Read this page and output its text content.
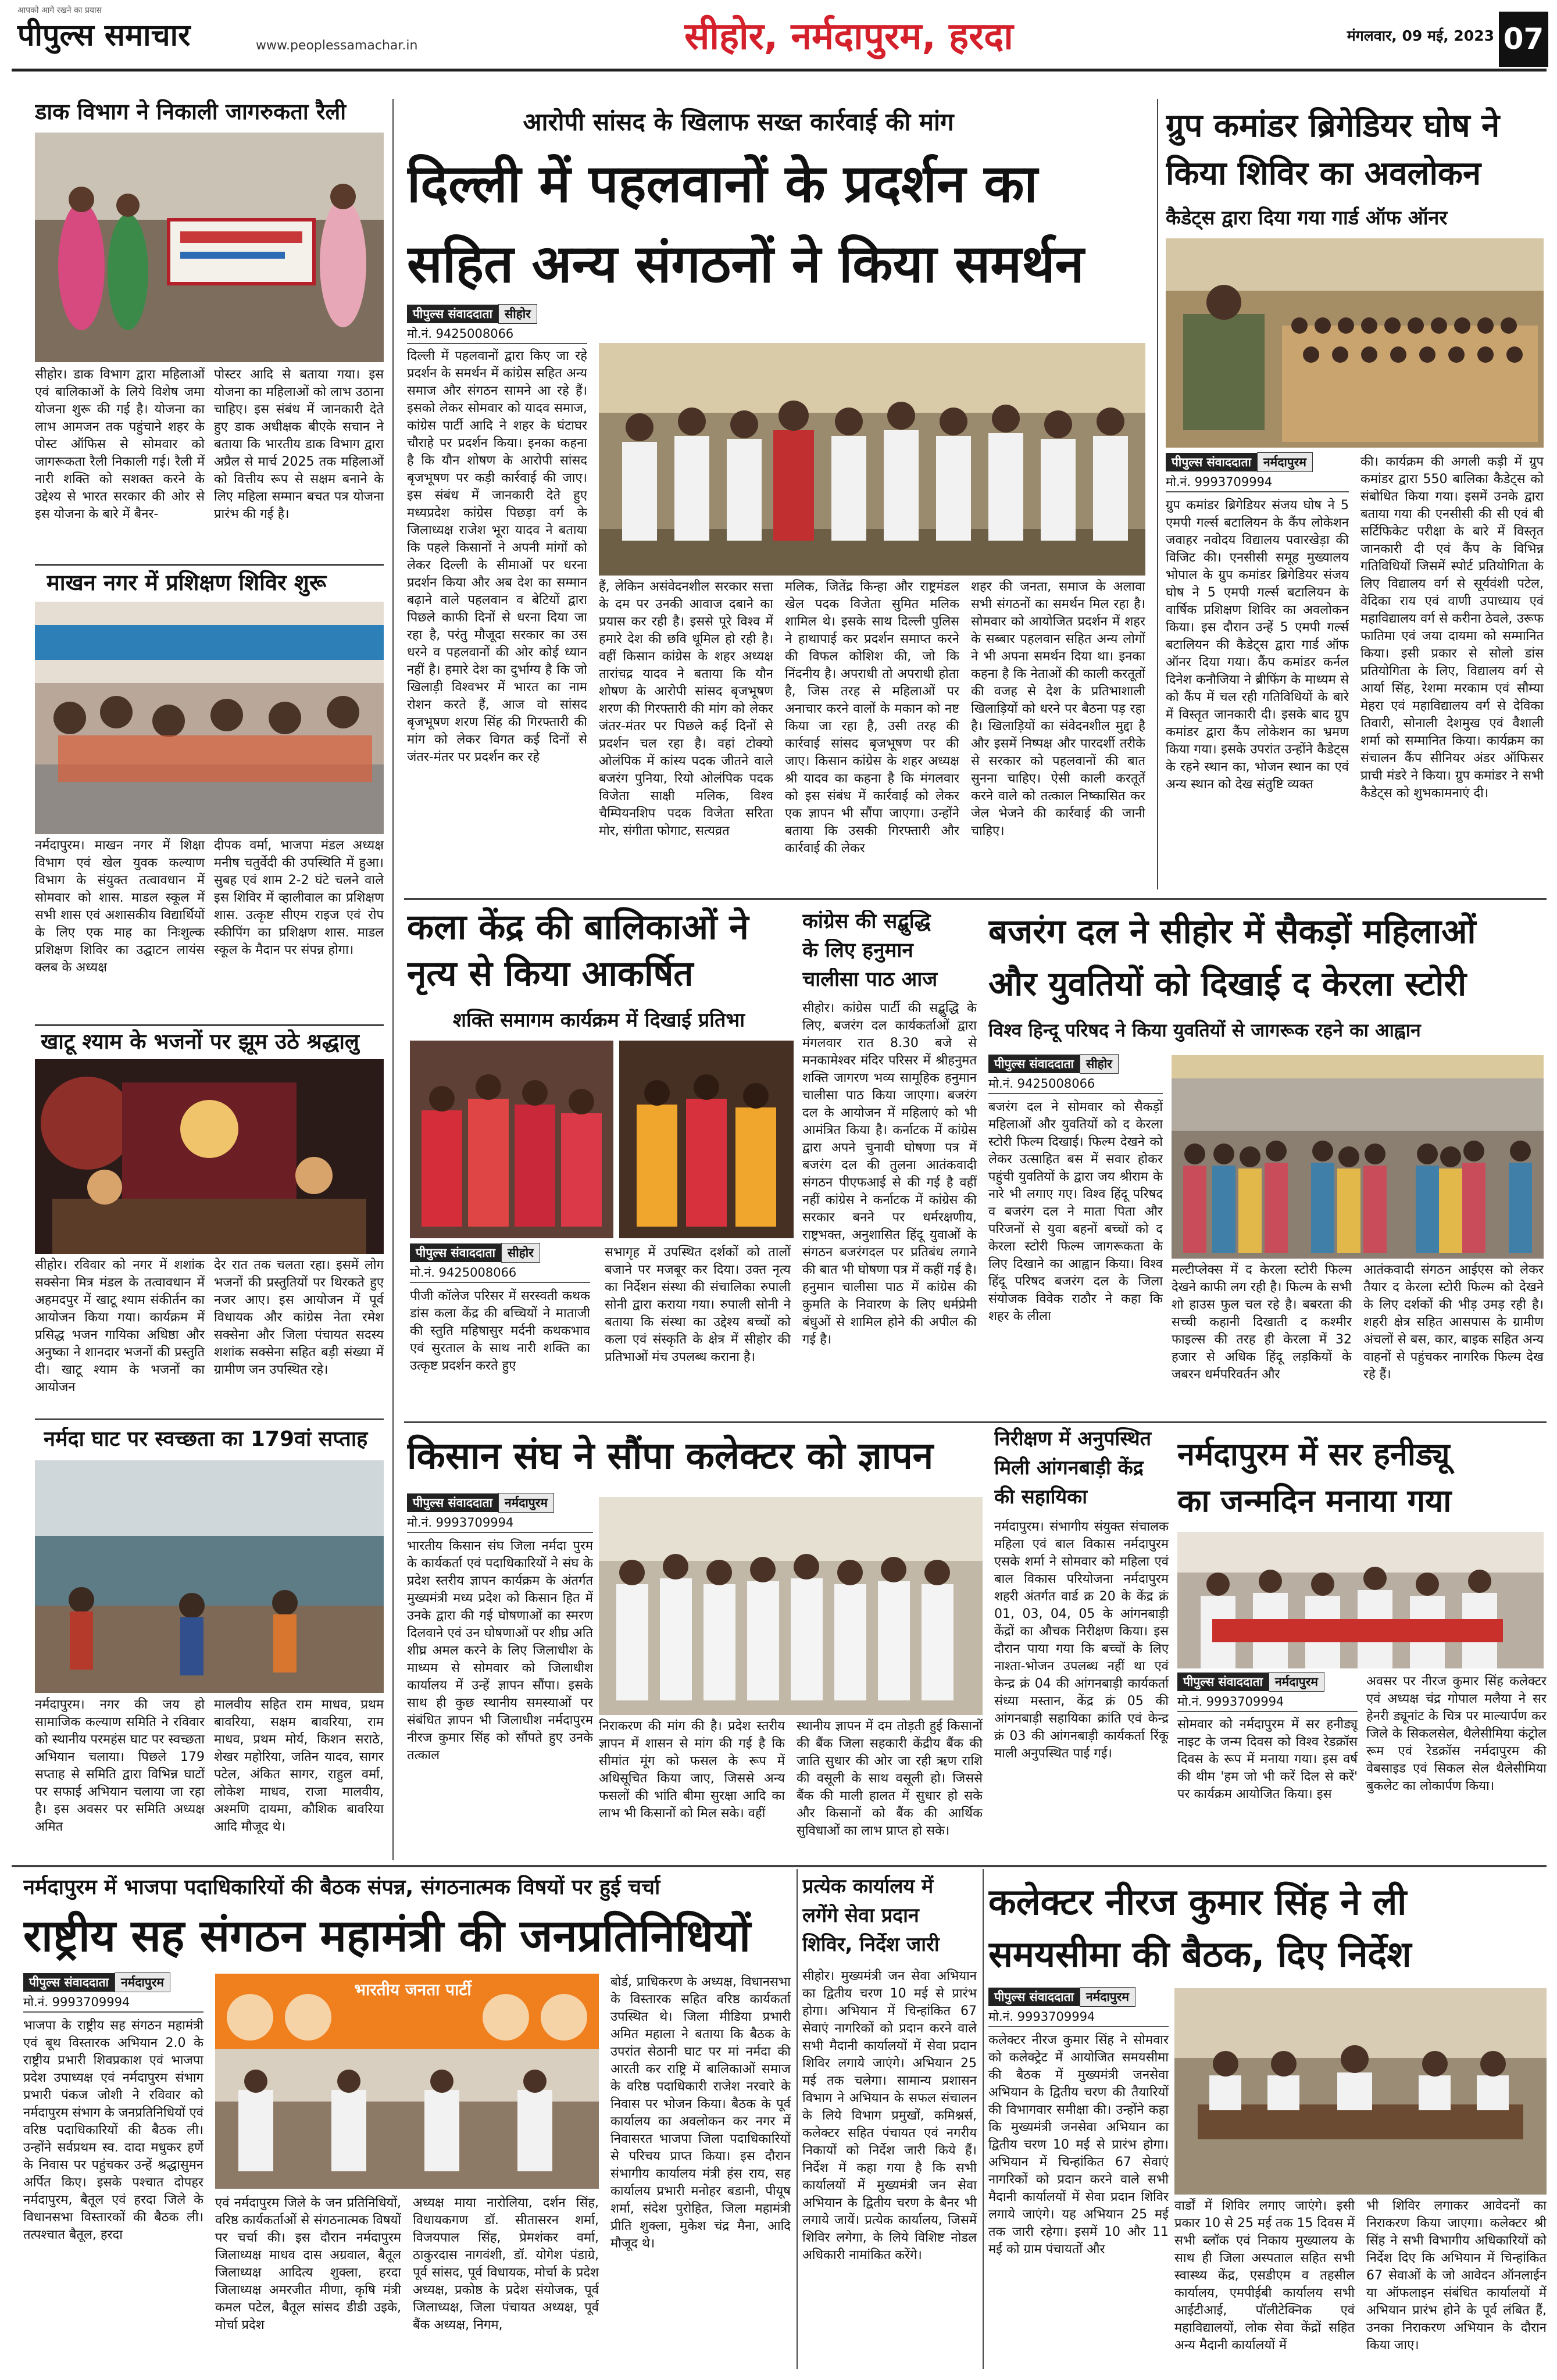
आपको आगे रखने का प्रयास
पीपुल्स समाचार	www.peoplessamachar.in	सीहोर, नर्मदापुरम, हरदा	मंगलवार, 09 मई, 2023 07
डाक विभाग ने निकाली जागरुकता रैली
सीहोर। डाक विभाग द्वारा महिलाओं एवं बालिकाओं के लिये विशेष जमा योजना शुरू की गई है। योजना का लाभ आमजन तक पहुंचाने शहर के पोस्ट ऑफिस से सोमवार को जागरूकता रैली निकाली गई। रैली में नारी शक्ति को सशक्त करने के उद्देश्य से भारत सरकार की ओर से इस योजना के बारे में बैनर-
पोस्टर आदि से बताया गया। इस योजना का महिलाओं को लाभ उठाना चाहिए। इस संबंध में जानकारी देते हुए डाक अधीक्षक बीएके सचान ने बताया कि भारतीय डाक विभाग द्वारा अप्रैल से मार्च 2025 तक महिलाओं को वित्तीय रूप से सक्षम बनाने के लिए महिला सम्मान बचत पत्र योजना प्रारंभ की गई है।
माखन नगर में प्रशिक्षण शिविर शुरू
नर्मदापुरम। माखन नगर में शिक्षा विभाग एवं खेल युवक कल्याण विभाग के संयुक्त तत्वावधान में सोमवार को शास. माडल स्कूल में सभी शास एवं अशासकीय विद्यार्थियों के लिए एक माह का निःशुल्क प्रशिक्षण शिविर का उद्घाटन लायंस क्लब के अध्यक्ष
दीपक वर्मा, भाजपा मंडल अध्यक्ष मनीष चतुर्वेदी की उपस्थिति में हुआ। सुबह एवं शाम 2-2 घंटे चलने वाले इस शिविर में व्हालीवाल का प्रशिक्षण शास. उत्कृष्ट सीएम राइज एवं रोप स्कीपिंग का प्रशिक्षण शास. माडल स्कूल के मैदान पर संपन्न होगा।
खाटू श्याम के भजनों पर झूम उठे श्रद्धालु
सीहोर। रविवार को नगर में शशांक सक्सेना मित्र मंडल के तत्वावधान में अहमदपुर में खाटू श्याम संकीर्तन का आयोजन किया गया। कार्यक्रम में प्रसिद्ध भजन गायिका अधिष्ठा और अनुष्का ने शानदार भजनों की प्रस्तुति दी। खाटू श्याम के भजनों का आयोजन
देर रात तक चलता रहा। इसमें लोग भजनों की प्रस्तुतियों पर थिरकते हुए नजर आए। इस आयोजन में पूर्व विधायक और कांग्रेस नेता रमेश सक्सेना और जिला पंचायत सदस्य शशांक सक्सेना सहित बड़ी संख्या में ग्रामीण जन उपस्थित रहे।
नर्मदा घाट पर स्वच्छता का 179वां सप्ताह
नर्मदापुरम। नगर की जय हो सामाजिक कल्याण समिति ने रविवार को स्थानीय परमहंस घाट पर स्वच्छता अभियान चलाया। पिछले 179 सप्ताह से समिति द्वारा विभिन्न घाटों पर सफाई अभियान चलाया जा रहा है। इस अवसर पर समिति अध्यक्ष अमित
मालवीय सहित राम माधव, प्रथम बावरिया, सक्षम बावरिया, राम माधव, प्रथम मोर्य, किशन सराठे, शेखर महोरिया, जतिन यादव, सागर पटेल, अंकित सागर, राहुल वर्मा, लोकेश माधव, राजा मालवीय, अश्मणि दायमा, कौशिक बावरिया आदि मौजूद थे।
आरोपी सांसद के खिलाफ सख्त कार्रवाई की मांग
दिल्ली में पहलवानों के प्रदर्शन का
सहित अन्य संगठनों ने किया समर्थन
पीपुल्स संवाददाता	सीहोर
मो.नं. 9425008066
दिल्ली में पहलवानों द्वारा किए जा रहे प्रदर्शन के समर्थन में कांग्रेस सहित अन्य समाज और संगठन सामने आ रहे हैं। इसको लेकर सोमवार को यादव समाज, कांग्रेस पार्टी आदि ने शहर के घंटाघर चौराहे पर प्रदर्शन किया। इनका कहना है कि यौन शोषण के आरोपी सांसद बृजभूषण पर कड़ी कार्रवाई की जाए। इस संबंध में जानकारी देते हुए मध्यप्रदेश कांग्रेस पिछड़ा वर्ग के जिलाध्यक्ष राजेश भूरा यादव ने बताया कि पहले किसानों ने अपनी मांगों को लेकर दिल्ली के सीमाओं पर धरना प्रदर्शन किया और अब देश का सम्मान बढ़ाने वाले पहलवान व बेटियों द्वारा पिछले काफी दिनों से धरना दिया जा रहा है, परंतु मौजूदा सरकार का उस धरने व पहलवानों की ओर कोई ध्यान नहीं है। हमारे देश का दुर्भाग्य है कि जो खिलाड़ी विश्वभर में भारत का नाम रोशन करते हैं, आज वो सांसद बृजभूषण शरण सिंह की गिरफ्तारी की मांग को लेकर विगत कई दिनों से जंतर-मंतर पर प्रदर्शन कर रहे
हैं, लेकिन असंवेदनशील सरकार सत्ता के दम पर उनकी आवाज दबाने का प्रयास कर रही है। इससे पूरे विश्व में हमारे देश की छवि धूमिल हो रही है। वहीं किसान कांग्रेस के शहर अध्यक्ष तारांचद्र यादव ने बताया कि यौन शोषण के आरोपी सांसद बृजभूषण शरण की गिरफ्तारी की मांग को लेकर जंतर-मंतर पर पिछले कई दिनों से प्रदर्शन चल रहा है। वहां टोक्यो ओलंपिक में कांस्य पदक जीतने वाले बजरंग पुनिया, रियो ओलंपिक पदक विजेता साक्षी मलिक, विश्व चैम्पियनशिप पदक विजेता सरिता मोर, संगीता फोगाट, सत्यव्रत
मलिक, जितेंद्र किन्हा और राष्ट्रमंडल खेल पदक विजेता सुमित मलिक शामिल थे। इसके साथ दिल्ली पुलिस ने हाथापाई कर प्रदर्शन समाप्त करने की विफल कोशिश की, जो कि निंदनीय है। अपराधी तो अपराधी होता है, जिस तरह से महिलाओं पर अनाचार करने वालों के मकान को नष्ट किया जा रहा है, उसी तरह की कार्रवाई सांसद बृजभूषण पर की जाए। किसान कांग्रेस के शहर अध्यक्ष श्री यादव का कहना है कि मंगलवार को इस संबंध में कार्रवाई को लेकर एक ज्ञापन भी सौंपा जाएगा। उन्होंने बताया कि उसकी गिरफ्तारी और कार्रवाई की लेकर
शहर की जनता, समाज के अलावा सभी संगठनों का समर्थन मिल रहा है। सोमवार को आयोजित प्रदर्शन में शहर के सब्बार पहलवान सहित अन्य लोगों ने भी अपना समर्थन दिया था। इनका कहना है कि नेताओं की काली करतूतों की वजह से देश के प्रतिभाशाली खिलाड़ियों को धरने पर बैठना पड़ रहा है। खिलाड़ियों का संवेदनशील मुद्दा है और इसमें निष्पक्ष और पारदर्शी तरीके से सरकार को पहलवानों की बात सुनना चाहिए। ऐसी काली करतूतें करने वाले को तत्काल निष्कासित कर जेल भेजने की कार्रवाई की जानी चाहिए।
कला केंद्र की बालिकाओं ने
नृत्य से किया आकर्षित
शक्ति समागम कार्यक्रम में दिखाई प्रतिभा
पीपुल्स संवाददाता	सीहोर
मो.नं. 9425008066
पीजी कॉलेज परिसर में सरस्वती कथक डांस कला केंद्र की बच्चियों ने माताजी की स्तुति महिषासुर मर्दनी कथकभाव एवं सुरताल के साथ नारी शक्ति का उत्कृष्ट प्रदर्शन करते हुए
सभागृह में उपस्थित दर्शकों को तालों बजाने पर मजबूर कर दिया। उक्त नृत्य का निर्देशन संस्था की संचालिका रुपाली सोनी द्वारा कराया गया। रुपाली सोनी ने बताया कि संस्था का उद्देश्य बच्चों को कला एवं संस्कृति के क्षेत्र में सीहोर की प्रतिभाओं मंच उपलब्ध कराना है।
कांग्रेस की सद्बुद्धि
के लिए हनुमान
चालीसा पाठ आज
सीहोर। कांग्रेस पार्टी की सद्बुद्धि के लिए, बजरंग दल कार्यकर्ताओं द्वारा मंगलवार रात 8.30 बजे से मनकामेश्वर मंदिर परिसर में श्रीहनुमत शक्ति जागरण भव्य सामूहिक हनुमान चालीसा पाठ किया जाएगा। बजरंग दल के आयोजन में महिलाएं को भी आमंत्रित किया है। कर्नाटक में कांग्रेस द्वारा अपने चुनावी घोषणा पत्र में बजरंग दल की तुलना आतंकवादी संगठन पीएफआई से की गई है वहीं नहीं कांग्रेस ने कर्नाटक में कांग्रेस की सरकार बनने पर धर्मरक्षणीय, राष्ट्रभक्त, अनुशासित हिंदू युवाओं के संगठन बजरंगदल पर प्रतिबंध लगाने की बात भी घोषणा पत्र में कहीं गई है। हनुमान चालीसा पाठ में कांग्रेस की कुमति के निवारण के लिए धर्मप्रेमी बंधुओं से शामिल होने की अपील की गई है।
किसान संघ ने सौंपा कलेक्टर को ज्ञापन
पीपुल्स संवाददाता	नर्मदापुरम
मो.नं. 9993709994
भारतीय किसान संघ जिला नर्मदा पुरम के कार्यकर्ता एवं पदाधिकारियों ने संघ के प्रदेश स्तरीय ज्ञापन कार्यक्रम के अंतर्गत मुख्यमंत्री मध्य प्रदेश को किसान हित में उनके द्वारा की गई घोषणाओं का स्मरण दिलवाने एवं उन घोषणाओं पर शीघ्र अति शीघ्र अमल करने के लिए जिलाधीश के माध्यम से सोमवार को जिलाधीश कार्यालय में उन्हें ज्ञापन सौंपा। इसके साथ ही कुछ स्थानीय समस्याओं पर संबंधित ज्ञापन भी जिलाधीश नर्मदापुरम नीरज कुमार सिंह को सौंपते हुए उनके तत्काल
निराकरण की मांग की है। प्रदेश स्तरीय ज्ञापन में शासन से मांग की गई है कि सीमांत मूंग को फसल के रूप में अधिसूचित किया जाए, जिससे अन्य फसलों की भांति बीमा सुरक्षा आदि का लाभ भी किसानों को मिल सके। वहीं
स्थानीय ज्ञापन में दम तोड़ती हुई किसानों की बैंक जिला सहकारी केंद्रीय बैंक की जाति सुधार की ओर जा रही ऋण राशि की वसूली के साथ वसूली हो। जिससे बैंक की माली हालत में सुधार हो सके और किसानों को बैंक की आर्थिक सुविधाओं का लाभ प्राप्त हो सके।
ग्रुप कमांडर ब्रिगेडियर घोष ने
किया शिविर का अवलोकन
कैडेट्स द्वारा दिया गया गार्ड ऑफ ऑनर
पीपुल्स संवाददाता	नर्मदापुरम
मो.नं. 9993709994
ग्रुप कमांडर ब्रिगेडियर संजय घोष ने 5 एमपी गर्ल्स बटालियन के कैंप लोकेशन जवाहर नवोदय विद्यालय पवारखेड़ा की विजिट की। एनसीसी समूह मुख्यालय भोपाल के ग्रुप कमांडर ब्रिगेडियर संजय घोष ने 5 एमपी गर्ल्स बटालियन के वार्षिक प्रशिक्षण शिविर का अवलोकन किया। इस दौरान उन्हें 5 एमपी गर्ल्स बटालियन की कैडेट्स द्वारा गार्ड ऑफ ऑनर दिया गया। कैंप कमांडर कर्नल दिनेश कनौजिया ने ब्रीफिंग के माध्यम से को कैंप में चल रही गतिविधियों के बारे में विस्तृत जानकारी दी। इसके बाद ग्रुप कमांडर द्वारा कैंप लोकेशन का भ्रमण किया गया। इसके उपरांत उन्होंने कैडेट्स के रहने स्थान का, भोजन स्थान का एवं अन्य स्थान को देख संतुष्टि व्यक्त
की। कार्यक्रम की अगली कड़ी में ग्रुप कमांडर द्वारा 550 बालिका कैडेट्स को संबोधित किया गया। इसमें उनके द्वारा बताया गया की एनसीसी की सी एवं बी सर्टिफिकेट परीक्षा के बारे में विस्तृत जानकारी दी एवं कैंप के विभिन्न गतिविधियों जिसमें स्पोर्ट प्रतियोगिता के लिए विद्यालय वर्ग से सूर्यवंशी पटेल, वेदिका राय एवं वाणी उपाध्याय एवं महाविद्यालय वर्ग से करीना ठेवले, उरूफ फातिमा एवं जया दायमा को सम्मानित किया। इसी प्रकार से सोलो डांस प्रतियोगिता के लिए, विद्यालय वर्ग से आर्या सिंह, रेशमा मरकाम एवं सौम्या मेहरा एवं महाविद्यालय वर्ग से देविका तिवारी, सोनाली देशमुख एवं वैशाली शर्मा को सम्मानित किया। कार्यक्रम का संचालन कैंप सीनियर अंडर ऑफिसर प्राची मंडरे ने किया। ग्रुप कमांडर ने सभी कैडेट्स को शुभकामनाएं दी।
बजरंग दल ने सीहोर में सैकड़ों महिलाओं
और युवतियों को दिखाई द केरला स्टोरी
विश्व हिन्दू परिषद ने किया युवतियों से जागरूक रहने का आह्वान
पीपुल्स संवाददाता	सीहोर
मो.नं. 9425008066
बजरंग दल ने सोमवार को सैकड़ों महिलाओं और युवतियों को द केरला स्टोरी फिल्म दिखाई। फिल्म देखने को लेकर उत्साहित बस में सवार होकर पहुंची युवतियों के द्वारा जय श्रीराम के नारे भी लगाए गए। विश्व हिंदू परिषद व बजरंग दल ने माता पिता और परिजनों से युवा बहनों बच्चों को द केरला स्टोरी फिल्म जागरूकता के लिए दिखाने का आह्वान किया। विश्व हिंदू परिषद बजरंग दल के जिला संयोजक विवेक राठौर ने कहा कि शहर के लीला
मल्टीप्लेक्स में द केरला स्टोरी फिल्म देखने काफी लग रही है। फिल्म के सभी शो हाउस फुल चल रहे है। बबरता की सच्ची कहानी दिखाती द कश्मीर फाइल्स की तरह ही केरला में 32 हजार से अधिक हिंदू लड़कियों के जबरन धर्मपरिवर्तन और
आतंकवादी संगठन आईएस को लेकर तैयार द केरला स्टोरी फिल्म को देखने के लिए दर्शकों की भीड़ उमड़ रही है। शहरी क्षेत्र सहित आसपास के ग्रामीण अंचलों से बस, कार, बाइक सहित अन्य वाहनों से पहुंचकर नागरिक फिल्म देख रहे हैं।
निरीक्षण में अनुपस्थित
मिली आंगनबाड़ी केंद्र
की सहायिका
नर्मदापुरम। संभागीय संयुक्त संचालक महिला एवं बाल विकास नर्मदापुरम एसके शर्मा ने सोमवार को महिला एवं बाल विकास परियोजना नर्मदापुरम शहरी अंतर्गत वार्ड क्र 20 के केंद्र क्रं 01, 03, 04, 05 के आंगनबाड़ी केंद्रों का औचक निरीक्षण किया। इस दौरान पाया गया कि बच्चों के लिए नाश्ता-भोजन उपलब्ध नहीं था एवं केन्द्र क्रं 04 की आंगनबाड़ी कार्यकर्ता संध्या मस्तान, केंद्र क्रं 05 की आंगनबाड़ी सहायिका क्रांति एवं केन्द्र क्रं 03 की आंगनबाड़ी कार्यकर्ता रिंकू माली अनुपस्थित पाई गई।
नर्मदापुरम में सर हनीड्यू
का जन्मदिन मनाया गया
पीपुल्स संवाददाता	नर्मदापुरम
मो.नं. 9993709994
सोमवार को नर्मदापुरम में सर हनीड्यू नाइट के जन्म दिवस को विश्व रेडक्रॉस दिवस के रूप में मनाया गया। इस वर्ष की थीम 'हम जो भी करें दिल से करें' पर कार्यक्रम आयोजित किया। इस
अवसर पर नीरज कुमार सिंह कलेक्टर एवं अध्यक्ष चंद्र गोपाल मलैया ने सर हेनरी ड्यूनांट के चित्र पर माल्यार्पण कर जिले के सिकलसेल, थैलेसीमिया कंट्रोल रूम एवं रेडक्रॉस नर्मदापुरम की वेबसाइड एवं सिकल सेल थैलेसीमिया बुकलेट का लोकार्पण किया।
नर्मदापुरम में भाजपा पदाधिकारियों की बैठक संपन्न, संगठनात्मक विषयों पर हुई चर्चा
राष्ट्रीय सह संगठन महामंत्री की जनप्रतिनिधियों
पीपुल्स संवाददाता	नर्मदापुरम
मो.नं. 9993709994
भाजपा के राष्ट्रीय सह संगठन महामंत्री एवं बूथ विस्तारक अभियान 2.0 के राष्ट्रीय प्रभारी शिवप्रकाश एवं भाजपा प्रदेश उपाध्यक्ष एवं नर्मदापुरम संभाग प्रभारी पंकज जोशी ने रविवार को नर्मदापुरम संभाग के जनप्रतिनिधियों एवं वरिष्ठ पदाधिकारियों की बैठक ली। उन्होंने सर्वप्रथम स्व. दादा मधुकर हर्णे के निवास पर पहुंचकर उन्हें श्रद्धासुमन अर्पित किए। इसके पश्चात दोपहर नर्मदापुरम, बैतूल एवं हरदा जिले के विधानसभा विस्तारकों की बैठक ली। तत्पश्चात बैतूल, हरदा
भारतीय जनता पार्टी
एवं नर्मदापुरम जिले के जन प्रतिनिधियों, वरिष्ठ कार्यकर्ताओं से संगठनात्मक विषयों पर चर्चा की। इस दौरान नर्मदापुरम जिलाध्यक्ष माधव दास अग्रवाल, बैतूल जिलाध्यक्ष आदित्य शुक्ला, हरदा जिलाध्यक्ष अमरजीत मीणा, कृषि मंत्री कमल पटेल, बैतूल सांसद डीडी उइके, मोर्चा प्रदेश
अध्यक्ष माया नारोलिया, दर्शन सिंह, विधायकगण डॉ. सीतासरन शर्मा, विजयपाल सिंह, प्रेमशंकर वर्मा, ठाकुरदास नागवंशी, डॉ. योगेश पंडाग्रे, पूर्व सांसद, पूर्व विधायक, मोर्चा के प्रदेश अध्यक्ष, प्रकोष्ठ के प्रदेश संयोजक, पूर्व जिलाध्यक्ष, जिला पंचायत अध्यक्ष, पूर्व बैंक अध्यक्ष, निगम,
बोर्ड, प्राधिकरण के अध्यक्ष, विधानसभा के विस्तारक सहित वरिष्ठ कार्यकर्ता उपस्थित थे। जिला मीडिया प्रभारी अमित महाला ने बताया कि बैठक के उपरांत सेठानी घाट पर मां नर्मदा की आरती कर राष्ट्रि में बालिकाओं समाज के वरिष्ठ पदाधिकारी राजेश नरवारे के निवास पर भोजन किया। बैठक के पूर्व कार्यालय का अवलोकन कर नगर में निवासरत भाजपा जिला पदाधिकारियों से परिचय प्राप्त किया। इस दौरान संभागीय कार्यालय मंत्री हंस राय, सह कार्यालय प्रभारी मनोहर बडानी, पीयूष शर्मा, संदेश पुरोहित, जिला महामंत्री प्रीति शुक्ला, मुकेश चंद्र मैना, आदि मौजूद थे।
प्रत्येक कार्यालय में
लगेंगे सेवा प्रदान
शिविर, निर्देश जारी
सीहोर। मुख्यमंत्री जन सेवा अभियान का द्वितीय चरण 10 मई से प्रारंभ होगा। अभियान में चिन्हांकित 67 सेवाएं नागरिकों को प्रदान करने वाले सभी मैदानी कार्यालयों में सेवा प्रदान शिविर लगाये जाएंगे। अभियान 25 मई तक चलेगा। सामान्य प्रशासन विभाग ने अभियान के सफल संचालन के लिये विभाग प्रमुखों, कमिश्नर्स, कलेक्टर सहित पंचायत एवं नगरीय निकायों को निर्देश जारी किये हैं। निर्देश में कहा गया है कि सभी कार्यालयों में मुख्यमंत्री जन सेवा अभियान के द्वितीय चरण के बैनर भी लगाये जायें। प्रत्येक कार्यालय, जिसमें शिविर लगेगा, के लिये विशिष्ट नोडल अधिकारी नामांकित करेंगे।
कलेक्टर नीरज कुमार सिंह ने ली
समयसीमा की बैठक, दिए निर्देश
पीपुल्स संवाददाता	नर्मदापुरम
मो.नं. 9993709994
कलेक्टर नीरज कुमार सिंह ने सोमवार को कलेक्ट्रेट में आयोजित समयसीमा की बैठक में मुख्यमंत्री जनसेवा अभियान के द्वितीय चरण की तैयारियों की विभागवार समीक्षा की। उन्होंने कहा कि मुख्यमंत्री जनसेवा अभियान का द्वितीय चरण 10 मई से प्रारंभ होगा। अभियान में चिन्हांकित 67 सेवाएं नागरिकों को प्रदान करने वाले सभी मैदानी कार्यालयों में सेवा प्रदान शिविर लगाये जाएंगे। यह अभियान 25 मई तक जारी रहेगा। इसमें 10 और 11 मई को ग्राम पंचायतों और
वार्डों में शिविर लगाए जाएंगे। इसी प्रकार 10 से 25 मई तक 15 दिवस में सभी ब्लॉक एवं निकाय मुख्यालय के साथ ही जिला अस्पताल सहित सभी स्वास्थ्य केंद्र, एसडीएम व तहसील कार्यालय, एमपीईबी कार्यालय सभी आईटीआई, पॉलीटेक्निक एवं महाविद्यालयों, लोक सेवा केंद्रों सहित अन्य मैदानी कार्यालयों में
भी शिविर लगाकर आवेदनों का निराकरण किया जाएगा। कलेक्टर श्री सिंह ने सभी विभागीय अधिकारियों को निर्देश दिए कि अभियान में चिन्हांकित 67 सेवाओं के जो आवेदन ऑनलाईन या ऑफलाइन संबंधित कार्यालयों में अभियान प्रारंभ होने के पूर्व लंबित हैं, उनका निराकरण अभियान के दौरान किया जाए।
